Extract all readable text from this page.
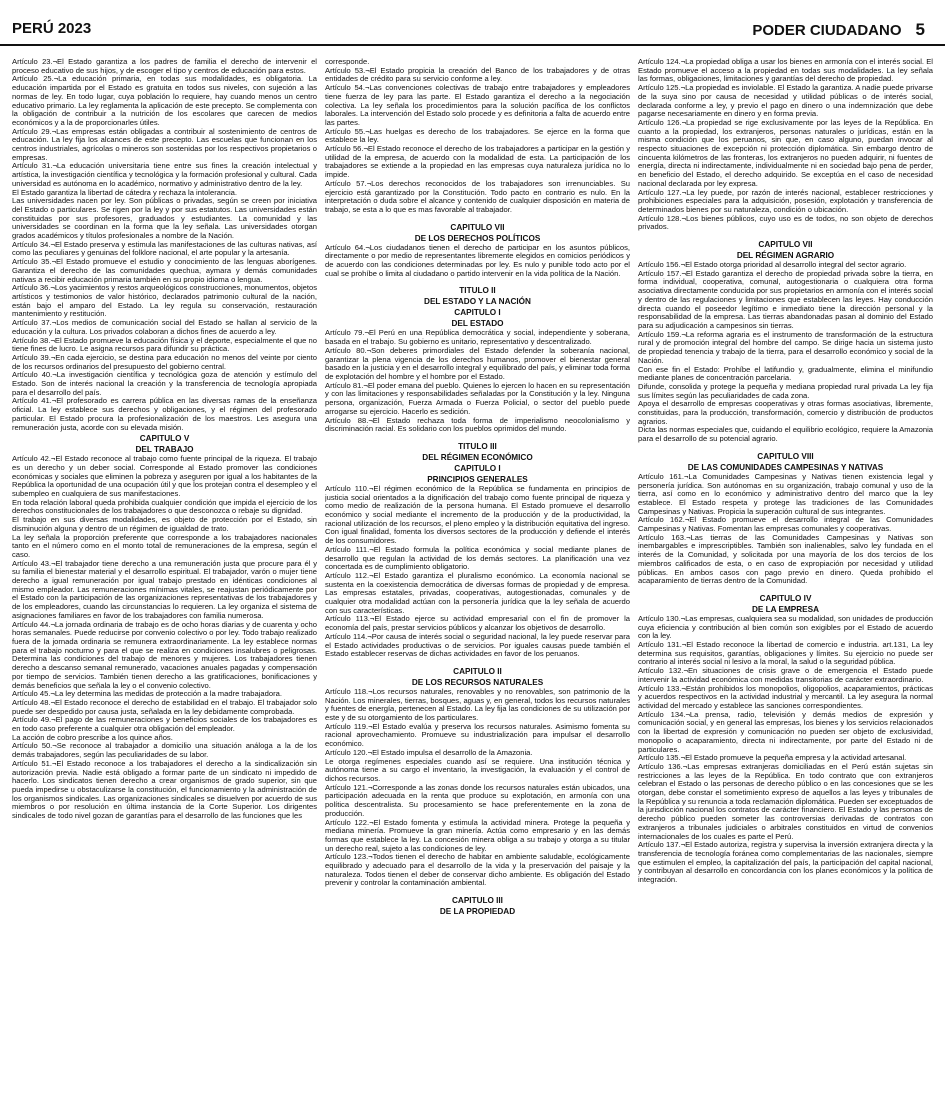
PERÚ 2023	PODER CIUDADANO 5

Artículo 23.¬El Estado garantiza a los padres de familia el derecho de intervenir el proceso educativo de sus hijos, y de escoger el tipo y centros de educación para estos.

Artículo 25.¬La educación primaria, en todas sus modalidades, es obligatoria. La educación impartida por el Estado es gratuita en todos sus niveles, con sujeción a las normas de ley. En todo lugar, cuya población lo requiere, hay cuando menos un centro educativo primario. La ley reglamenta la aplicación de este precepto. Se complementa con la obligación de contribuir a la nutrición de los escolares que carecen de medios económicos y a la de proporcionarles útiles.

Artículo 29.¬Las empresas están obligadas a contribuir al sostenimiento de centros de educación. La ley fija los alcances de este precepto. Las escuelas que funcionan en los centros industriales, agrícolas o mineros son sostenidas por los respectivos propietarios o empresas.

Artículo 31.¬La educación universitaria tiene entre sus fines la creación intelectual y artística, la investigación científica y tecnológica y la formación profesional y cultural. Cada universidad es autónoma en lo académico, normativo y administrativo dentro de la ley.

El Estado garantiza la libertad de cátedra y rechaza la intolerancia.

Las universidades nacen por ley. Son públicas o privadas, según se creen por iniciativa del Estado o particulares. Se rigen por la ley y por sus estatutos. Las universidades están constituidas por sus profesores, graduados y estudiantes. La comunidad y las universidades se coordinan en la forma que la ley señala. Las universidades otorgan grados académicos y títulos profesionales a nombre de la Nación.

Artículo 34.¬El Estado preserva y estimula las manifestaciones de las culturas nativas, así como las peculiares y genuinas del folklore nacional, el arte popular y la artesanía.

Artículo 35.¬El Estado promueve el estudio y conocimiento de las lenguas aborígenes. Garantiza el derecho de las comunidades quechua, aymara y demás comunidades nativas a recibir educación primaria también en su propio idioma o lengua.

Artículo 36.¬Los yacimientos y restos arqueológicos construcciones, monumentos, objetos artísticos y testimonios de valor histórico, declarados patrimonio cultural de la nación, están bajo el amparo del Estado. La ley regula su conservación, restauración mantenimiento y restitución.

Artículo 37.¬Los medios de comunicación social del Estado se hallan al servicio de la educación y la cultura. Los privados colaboran a dichos fines de acuerdo a ley.

Artículo 38.¬El Estado promueve la educación física y el deporte, especialmente el que no tiene fines de lucro. Le asigna recursos para difundir su práctica.

Artículo 39.¬En cada ejercicio, se destina para educación no menos del veinte por ciento de los recursos ordinarios del presupuesto del gobierno central.

Artículo 40.¬La investigación científica y tecnológica goza de atención y estímulo del Estado. Son de interés nacional la creación y la transferencia de tecnología apropiada para el desarrollo del país.

Artículo 41.¬El profesorado es carrera pública en las diversas ramas de la enseñanza oficial. La ley establece sus derechos y obligaciones, y el régimen del profesorado particular. El Estado procura la profesionalización de los maestros. Les asegura una remuneración justa, acorde con su elevada misión.

CAPITULO V
DEL TRABAJO

Artículo 42.¬El Estado reconoce al trabajo como fuente principal de la riqueza. El trabajo es un derecho y un deber social. Corresponde al Estado promover las condiciones económicas y sociales que eliminen la pobreza y aseguren por igual a los habitantes de la República la oportunidad de una ocupación útil y que los protejan contra el desempleo y el subempleo en cualquiera de sus manifestaciones.

En toda relación laboral queda prohibida cualquier condición que impida el ejercicio de los derechos constitucionales de los trabajadores o que desconozca o rebaje su dignidad.

El trabajo en sus diversas modalidades, es objeto de protección por el Estado, sin disminución alguna y dentro de un régimen de igualdad de trato.

La ley señala la proporción preferente que corresponde a los trabajadores nacionales tanto en el número como en el monto total de remuneraciones de la empresa, según el caso.

Artículo 43.¬El trabajador tiene derecho a una remuneración justa que procure para él y su familia el bienestar material y el desarrollo espiritual. El trabajador, varón o mujer tiene derecho a igual remuneración por igual trabajo prestado en idénticas condiciones al mismo empleador. Las remuneraciones mínimas vitales, se reajustan periódicamente por el Estado con la participación de las organizaciones representativas de los trabajadores y de los empleadores, cuando las circunstancias lo requieren. La ley organiza el sistema de asignaciones familiares en favor de los trabajadores con familia numerosa.

Artículo 44.¬La jornada ordinaria de trabajo es de ocho horas diarias y de cuarenta y ocho horas semanales. Puede reducirse por convenio colectivo o por ley. Todo trabajo realizado fuera de la jornada ordinaria se remunera extraordinariamente. La ley establece normas para el trabajo nocturno y para el que se realiza en condiciones insalubres o peligrosas. Determina las condiciones del trabajo de menores y mujeres. Los trabajadores tienen derecho a descanso semanal remunerado, vacaciones anuales pagadas y compensación por tiempo de servicios. También tienen derecho a las gratificaciones, bonificaciones y demás beneficios que señala la ley o el convenio colectivo.

Artículo 45.¬La ley determina las medidas de protección a la madre trabajadora.

Artículo 48.¬El Estado reconoce el derecho de estabilidad en el trabajo. El trabajador solo puede ser despedido por causa justa, señalada en la ley debidamente comprobada.

Artículo 49.¬El pago de las remuneraciones y beneficios sociales de los trabajadores es en todo caso preferente a cualquier otra obligación del empleador.

La acción de cobro prescribe a los quince años.

Artículo 50.¬Se reconoce al trabajador a domicilio una situación análoga a la de los demás trabajadores, según las peculiaridades de su labor.

Artículo 51.¬El Estado reconoce a los trabajadores el derecho a la sindicalización sin autorización previa. Nadie está obligado a formar parte de un sindicato ni impedido de hacerlo. Los sindicatos tienen derecho a crear organismos de grado superior, sin que pueda impedirse u obstaculizarse la constitución, el funcionamiento y la administración de los organismos sindicales. Las organizaciones sindicales se disuelven por acuerdo de sus miembros o por resolución en última instancia de la Corte Superior. Los dirigentes sindicales de todo nivel gozan de garantías para el desarrollo de las funciones que les

corresponde.

Artículo 53.¬El Estado propicia la creación del Banco de los trabajadores y de otras entidades de crédito para su servicio conforme a ley.

Artículo 54.¬Las convenciones colectivas de trabajo entre trabajadores y empleadores tiene fuerza de ley para las parte. El Estado garantiza el derecho a la negociación colectiva. La ley señala los procedimientos para la solución pacífica de los conflictos laborales. La intervención del Estado solo procede y es definitoria a falta de acuerdo entre las partes.

Artículo 55.¬Las huelgas es derecho de los trabajadores. Se ejerce en la forma que establece la ley.

Artículo 56.¬El Estado reconoce el derecho de los trabajadores a participar en la gestión y utilidad de la empresa, de acuerdo con la modalidad de esta. La participación de los trabajadores se extiende a la propiedad en las empresas cuya naturaleza jurídica no lo impide.

Artículo 57.¬Los derechos reconocidos de los trabajadores son irrenunciables. Su ejercicio está garantizado por la Constitución. Todo pacto en contrario es nulo. En la interpretación o duda sobre el alcance y contenido de cualquier disposición en materia de trabajo, se esta a lo que es mas favorable al trabajador.

CAPITULO VII
DE LOS DERECHOS POLÍTICOS

Artículo 64.¬Los ciudadanos tienen el derecho de participar en los asuntos públicos, directamente o por medio de representantes libremente elegidos en comicios periódicos y de acuerdo con las condiciones determinadas por ley. Es nulo y punible todo acto por el cual se prohíbe o limita al ciudadano o partido intervenir en la vida política de la Nación.

TITULO II
DEL ESTADO Y LA NACIÓN
CAPITULO I
DEL ESTADO

Artículo 79.¬El Perú en una República democrática y social, independiente y soberana, basada en el trabajo. Su gobierno es unitario, representativo y descentralizado.

Artículo 80.¬Son deberes primordiales del Estado defender la soberanía nacional, garantizar la plena vigencia de los derechos humanos, promover el bienestar general basado en la justicia y en el desarrollo integral y equilibrado del país, y eliminar toda forma de explotación del hombre y el hombre por el Estado.

Artículo 81.¬El poder emana del pueblo. Quienes lo ejercen lo hacen en su representación y con las limitaciones y responsabilidades señaladas por la Constitución y la ley. Ninguna persona, organización, Fuerza Armada o Fuerza Policial, o sector del pueblo puede arrogarse su ejercicio. Hacerlo es sedición.

Artículo 88.¬El Estado rechaza toda forma de imperialismo neocolonialismo y discriminación racial. Es solidario con los pueblos oprimidos del mundo.

TITULO III
DEL RÉGIMEN ECONÓMICO
CAPITULO I
PRINCIPIOS GENERALES

Artículo 110.¬El régimen económico de la República se fundamenta en principios de justicia social orientados a la dignificación del trabajo como fuente principal de riqueza y como medio de realización de la persona humana. El Estado promueve el desarrollo económico y social mediante el incremento de la producción y de la productividad, la racional utilización de los recursos, el pleno empleo y la distribución equitativa del ingreso. Con igual finalidad, fomenta los diversos sectores de la producción y defiende el interés de los consumidores.

Artículo 111.¬El Estado formula la política económica y social mediante planes de desarrollo que regulan la actividad de los demás sectores. La planificación una vez concertada es de cumplimiento obligatorio.

Artículo 112.¬El Estado garantiza el pluralismo económico. La economía nacional se sustenta en la coexistencia democrática de diversas formas de propiedad y de empresa. Las empresas estatales, privadas, cooperativas, autogestionadas, comunales y de cualquier otra modalidad actúan con la personería jurídica que la ley señala de acuerdo con sus características.

Artículo 113.¬El Estado ejerce su actividad empresarial con el fin de promover la economía del país, prestar servicios públicos y alcanzar los objetivos de desarrollo.

Artículo 114.¬Por causa de interés social o seguridad nacional, la ley puede reservar para el Estado actividades productivas o de servicios. Por iguales causas puede también el Estado establecer reservas de dichas actividades en favor de los peruanos.

CAPITULO II
DE LOS RECURSOS NATURALES

Artículo 118.¬Los recursos naturales, renovables y no renovables, son patrimonio de la Nación. Los minerales, tierras, bosques, aguas y, en general, todos los recursos naturales y fuentes de energía, pertenecen al Estado. La ley fija las condiciones de su utilización por este y de su otorgamiento de los particulares.

Artículo 119.¬El Estado evalúa y preserva los recursos naturales. Asimismo fomenta su racional aprovechamiento. Promueve su industrialización para impulsar el desarrollo económico.

Artículo 120.¬El Estado impulsa el desarrollo de la Amazonia.

Le otorga regímenes especiales cuando así se requiere. Una institución técnica y autónoma tiene a su cargo el inventario, la investigación, la evaluación y el control de dichos recursos.

Artículo 121.¬Corresponde a las zonas donde los recursos naturales están ubicados, una participación adecuada en la renta que produce su explotación, en armonía con una política descentralista. Su procesamiento se hace preferentemente en la zona de producción.

Artículo 122.¬El Estado fomenta y estimula la actividad minera. Protege la pequeña y mediana minería. Promueve la gran minería. Actúa como empresario y en las demás formas que establece la ley. La concesión minera obliga a su trabajo y otorga a su titular un derecho real, sujeto a las condiciones de ley.

Artículo 123.¬Todos tienen el derecho de habitar en ambiente saludable, ecológicamente equilibrado y adecuado para el desarrollo de la vida y la preservación del paisaje y la naturaleza. Todos tienen el deber de conservar dicho ambiente. Es obligación del Estado prevenir y controlar la contaminación ambiental.

CAPITULO III
DE LA PROPIEDAD

Artículo 124.¬La propiedad obliga a usar los bienes en armonía con el interés social. El Estado promueve el acceso a la propiedad en todas sus modalidades. La ley señala las formas, obligaciones, limitaciones y garantías del derecho de propiedad.

Artículo 125.¬La propiedad es inviolable. El Estado la garantiza. A nadie puede privarse de la suya sino por causa de necesidad y utilidad públicas o de interés social, declarada conforme a ley, y previo el pago en dinero o una indemnización que debe pagarse necesariamente en dinero y en forma previa.

Artículo 126.¬La propiedad se rige exclusivamente por las leyes de la República. En cuanto a la propiedad, los extranjeros, personas naturales o jurídicas, están en la misma condición que los peruanos, sin que, en caso alguno, puedan invocar al respecto situaciones de excepción ni protección diplomática. Sin embargo dentro de cincuenta kilómetros de las fronteras, los extranjeros no pueden adquirir, ni fuentes de energía, directa ni indirectamente, individualmente ni en sociedad bajo pena de perder, en beneficio del Estado, el derecho adquirido. Se exceptúa en el caso de necesidad nacional declarada por ley expresa.

Artículo 127.¬La ley puede, por razón de interés nacional, establecer restricciones y prohibiciones especiales para la adquisición, posesión, explotación y transferencia de determinados bienes por su naturaleza, condición o ubicación.

Artículo 128.¬Los bienes públicos, cuyo uso es de todos, no son objeto de derechos privados.

CAPITULO VII
DEL RÉGIMEN AGRARIO

Artículo 156.¬El Estado otorga prioridad al desarrollo integral del sector agrario.

Artículo 157.¬El Estado garantiza el derecho de propiedad privada sobre la tierra, en forma individual, cooperativa, comunal, autogestionaria o cualquiera otra forma asociativa directamente conducida por sus propietarios en armonía con el interés social y dentro de las regulaciones y limitaciones que establecen las leyes. Hay conducción directa cuando el poseedor legítimo e inmediato tiene la dirección personal y la responsabilidad de la empresa. Las tierras abandonadas pasan al dominio del Estado para su adjudicación a campesinos sin tierras.

Artículo 159.¬La reforma agraria es el instrumento de transformación de la estructura rural y de promoción integral del hombre del campo. Se dirige hacia un sistema justo de propiedad tenencia y trabajo de la tierra, para el desarrollo económico y social de la Nación.

Con ese fin el Estado: Prohíbe el latifundio y, gradualmente, elimina el minifundio mediante planes de concentración parcelaria.

Difunde, consolida y protege la pequeña y mediana propiedad rural privada La ley fija sus límites según las peculiaridades de cada zona.

Apoya el desarrollo de empresas cooperativas y otras formas asociativas, libremente, constituidas, para la producción, transformación, comercio y distribución de productos agrarios.

Dicta las normas especiales que, cuidando el equilibrio ecológico, requiere la Amazonia para el desarrollo de su potencial agrario.

CAPITULO VIII
DE LAS COMUNIDADES CAMPESINAS Y NATIVAS

Artículo 161.¬La Comunidades Campesinas y Nativas tienen existencia legal y personería jurídica. Son autónomas en su organización, trabajo comunal y uso de la tierra, así como en lo económico y administrativo dentro del marco que la ley establece. El Estado respeta y protege las tradiciones de las Comunidades Campesinas y Nativas. Propicia la superación cultural de sus integrantes.

Artículo 162.¬El Estado promueve el desarrollo integral de las Comunidades Campesinas y Nativas. Fomentan las empresas comunales y cooperativas.

Artículo 163.¬Las tierras de las Comunidades Campesinas y Nativas son inembargables e imprescriptibles. También son inalienables, salvo ley fundada en el interés de la Comunidad, y solicitada por una mayoría de los dos tercios de los miembros calificados de esta, o en caso de expropiación por necesidad y utilidad públicas. En ambos casos con pago previo en dinero. Queda prohibido el acaparamiento de tierras dentro de la Comunidad.

CAPITULO IV
DE LA EMPRESA

Artículo 130.¬Las empresas, cualquiera sea su modalidad, son unidades de producción cuya eficiencia y contribución al bien común son exigibles por el Estado de acuerdo con la ley.

Artículo 131.¬El Estado reconoce la libertad de comercio e industria. art.131, La ley determina sus requisitos, garantías, obligaciones y límites. Su ejercicio no puede ser contrario al interés social ni lesivo a la moral, la salud o la seguridad pública.

Artículo 132.¬En situaciones de crisis grave o de emergencia el Estado puede intervenir la actividad económica con medidas transitorias de carácter extraordinario.

Artículo 133.¬Están prohibidos los monopolios, oligopolios, acaparamientos, prácticas y acuerdos respectivos en la actividad industrial y mercantil. La ley asegura la normal actividad del mercado y establece las sanciones correspondientes.

Artículo 134.¬La prensa, radio, televisión y demás medios de expresión y comunicación social, y en general las empresas, los bienes y los servicios relacionados con la libertad de expresión y comunicación no pueden ser objeto de exclusividad, monopolio o acaparamiento, directa ni indirectamente, por parte del Estado ni de particulares.

Artículo 135.¬El Estado promueve la pequeña empresa y la actividad artesanal.

Artículo 136.¬Las empresas extranjeras domiciliadas en el Perú están sujetas sin restricciones a las leyes de la República. En todo contrato que con extranjeros celebran el Estado o las personas de derecho público o en las concesiones que se les otorgan, debe constar el sometimiento expreso de aquellos a las leyes y tribunales de la República y su renuncia a toda reclamación diplomática. Pueden ser exceptuados de la jurisdicción nacional los contratos de carácter financiero. El Estado y las personas de derecho público pueden someter las controversias derivadas de contratos con extranjeros a tribunales judiciales o arbitrales constituidos en virtud de convenios internacionales de los cuales es parte el Perú.

Artículo 137.¬El Estado autoriza, registra y supervisa la inversión extranjera directa y la transferencia de tecnología foránea como complementarias de las nacionales, siempre que estimulen el empleo, la capitalización del país, la participación del capital nacional, y contribuyan al desarrollo en concordancia con los planes económicos y la política de integración.
